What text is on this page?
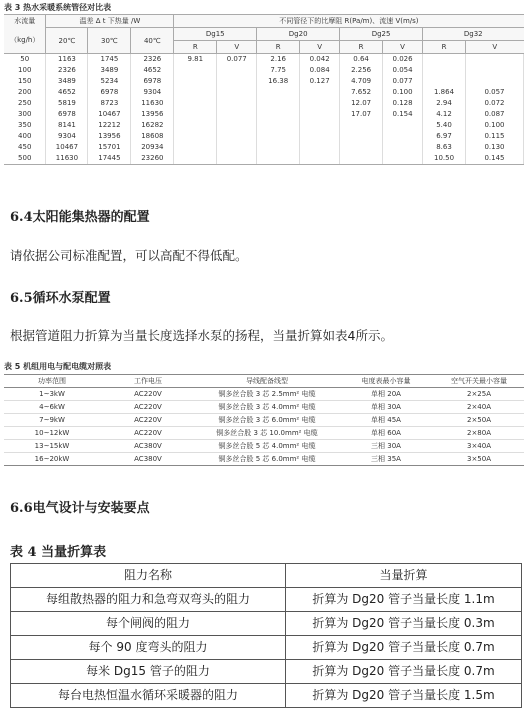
表 3 热水采暖系统管径对比表
水流量	温差 Δ t 下热量 /W			不同管径下的比摩阻 R(Pa/m)、流速 V(m/s)							
（kg/h）	20℃	30℃	40℃	Dg15		Dg20		Dg25		Dg32	
				R	V	R	V	R	V	R	V
50	1163	1745	2326	9.81	0.077	2.16	0.042	0.64	0.026		
100	2326	3489	4652			7.75	0.084	2.256	0.054		
150	3489	5234	6978			16.38	0.127	4.709	0.077		
200	4652	6978	9304					7.652	0.100	1.864	0.057
250	5819	8723	11630					12.07	0.128	2.94	0.072
300	6978	10467	13956					17.07	0.154	4.12	0.087
350	8141	12212	16282							5.40	0.100
400	9304	13956	18608							6.97	0.115
450	10467	15701	20934							8.63	0.130
500	11630	17445	23260							10.50	0.145
6.4太阳能集热器的配置
请依据公司标准配置，可以高配不得低配。
6.5循环水泵配置
根据管道阻力折算为当量长度选择水泵的扬程，当量折算如表4所示。
表 5 机组用电与配电缆对照表
功率范围	工作电压	导线配备线型	电度表最小容量	空气开关最小容量
1~3kW	AC220V	铜多丝合股 3 芯 2.5mm² 电缆	单相 20A	2×25A
4~6kW	AC220V	铜多丝合股 3 芯 4.0mm² 电缆	单相 30A	2×40A
7~9kW	AC220V	铜多丝合股 3 芯 6.0mm² 电缆	单相 45A	2×50A
10~12kW	AC220V	铜多丝合股 3 芯 10.0mm² 电缆	单相 60A	2×80A
13~15kW	AC380V	铜多丝合股 5 芯 4.0mm² 电缆	三相 30A	3×40A
16~20kW	AC380V	铜多丝合股 5 芯 6.0mm² 电缆	三相 35A	3×50A
6.6电气设计与安装要点
表 4 当量折算表
阻力名称	当量折算
每组散热器的阻力和急弯双弯头的阻力	折算为 Dg20 管子当量长度 1.1m
每个闸阀的阻力	折算为 Dg20 管子当量长度 0.3m
每个 90 度弯头的阻力	折算为 Dg20 管子当量长度 0.7m
每米 Dg15 管子的阻力	折算为 Dg20 管子当量长度 0.7m
每台电热恒温水循环采暖器的阻力	折算为 Dg20 管子当量长度 1.5m
